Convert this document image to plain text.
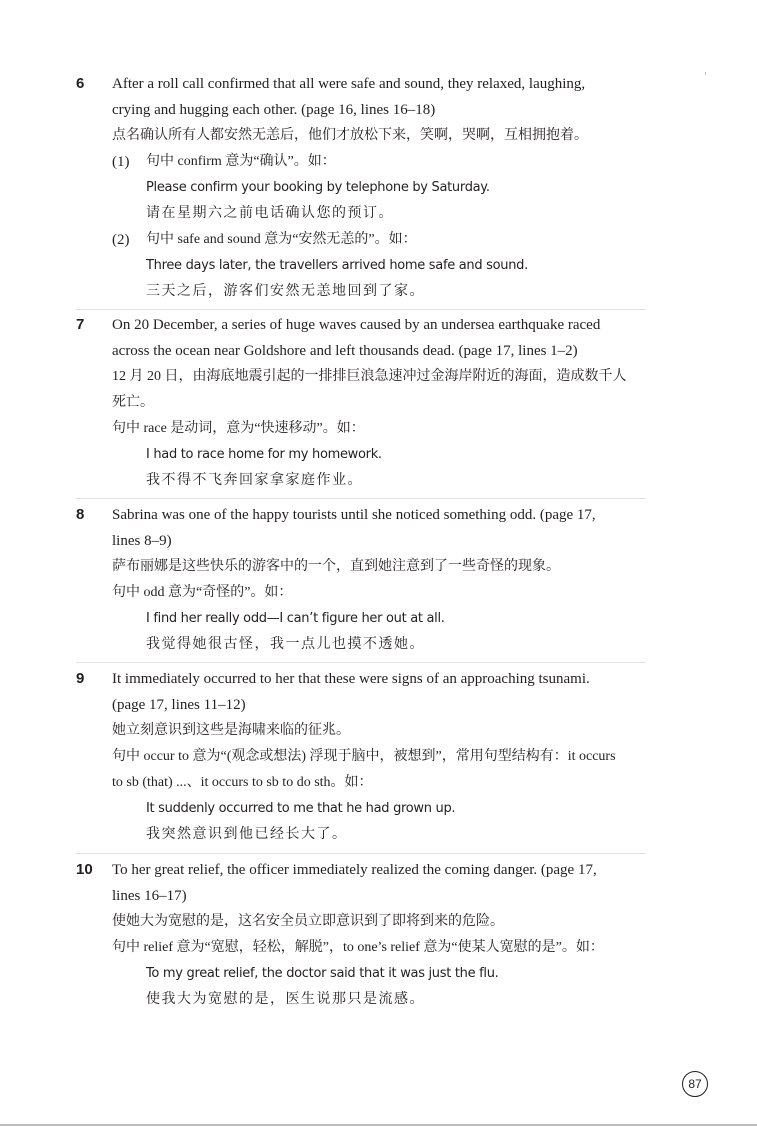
6 After a roll call confirmed that all were safe and sound, they relaxed, laughing,
crying and hugging each other. (page 16, lines 16–18)
点名确认所有人都安然无恙后，他们才放松下来，笑啊，哭啊，互相拥抱着。
(1) 句中 confirm 意为“确认”。如：
Please confirm your booking by telephone by Saturday.
请在星期六之前电话确认您的预订。
(2) 句中 safe and sound 意为“安然无恙的”。如：
Three days later, the travellers arrived home safe and sound.
三天之后，游客们安然无恙地回到了家。
7 On 20 December, a series of huge waves caused by an undersea earthquake raced
across the ocean near Goldshore and left thousands dead. (page 17, lines 1–2)
12 月 20 日，由海底地震引起的一排排巨浪急速冲过金海岸附近的海面，造成数千人
死亡。
句中 race 是动词，意为“快速移动”。如：
I had to race home for my homework.
我不得不飞奔回家拿家庭作业。
8 Sabrina was one of the happy tourists until she noticed something odd. (page 17,
lines 8–9)
萨布丽娜是这些快乐的游客中的一个，直到她注意到了一些奇怪的现象。
句中 odd 意为“奇怪的”。如：
I find her really odd—I can’t figure her out at all.
我觉得她很古怪，我一点儿也摸不透她。
9 It immediately occurred to her that these were signs of an approaching tsunami.
(page 17, lines 11–12)
她立刻意识到这些是海啸来临的征兆。
句中 occur to 意为“(观念或想法) 浮现于脑中，被想到”，常用句型结构有：it occurs
to sb (that) ...、it occurs to sb to do sth。如：
It suddenly occurred to me that he had grown up.
我突然意识到他已经长大了。
10 To her great relief, the officer immediately realized the coming danger. (page 17,
lines 16–17)
使她大为宽慰的是，这名安全员立即意识到了即将到来的危险。
句中 relief 意为“宽慰，轻松，解脱”，to one’s relief 意为“使某人宽慰的是”。如：
To my great relief, the doctor said that it was just the flu.
使我大为宽慰的是，医生说那只是流感。
87
